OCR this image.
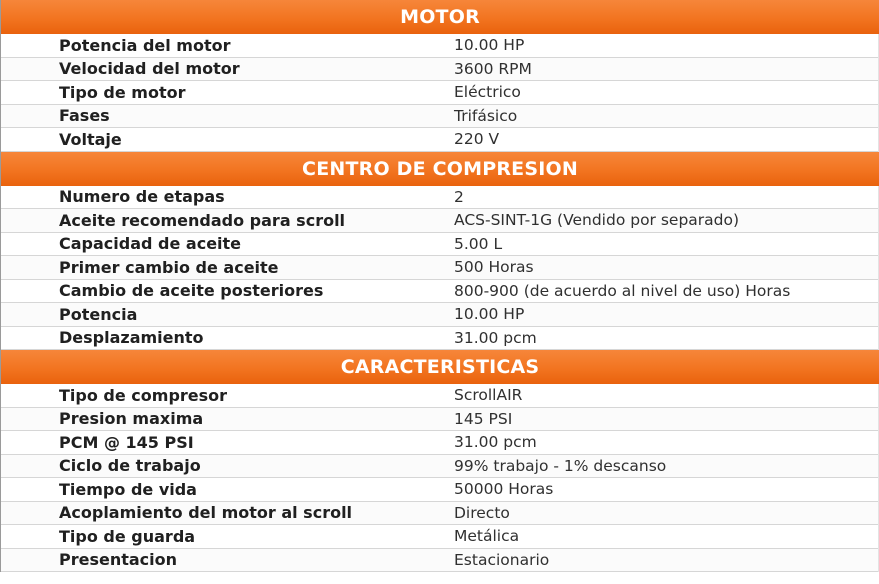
MOTOR
Potencia del motor	10.00 HP
Velocidad del motor	3600 RPM
Tipo de motor	Eléctrico
Fases	Trifásico
Voltaje	220 V
CENTRO DE COMPRESION
Numero de etapas	2
Aceite recomendado para scroll	ACS-SINT-1G (Vendido por separado)
Capacidad de aceite	5.00 L
Primer cambio de aceite	500 Horas
Cambio de aceite posteriores	800-900 (de acuerdo al nivel de uso) Horas
Potencia	10.00 HP
Desplazamiento	31.00 pcm
CARACTERISTICAS
Tipo de compresor	ScrollAIR
Presion maxima	145 PSI
PCM @ 145 PSI	31.00 pcm
Ciclo de trabajo	99% trabajo - 1% descanso
Tiempo de vida	50000 Horas
Acoplamiento del motor al scroll	Directo
Tipo de guarda	Metálica
Presentacion	Estacionario
